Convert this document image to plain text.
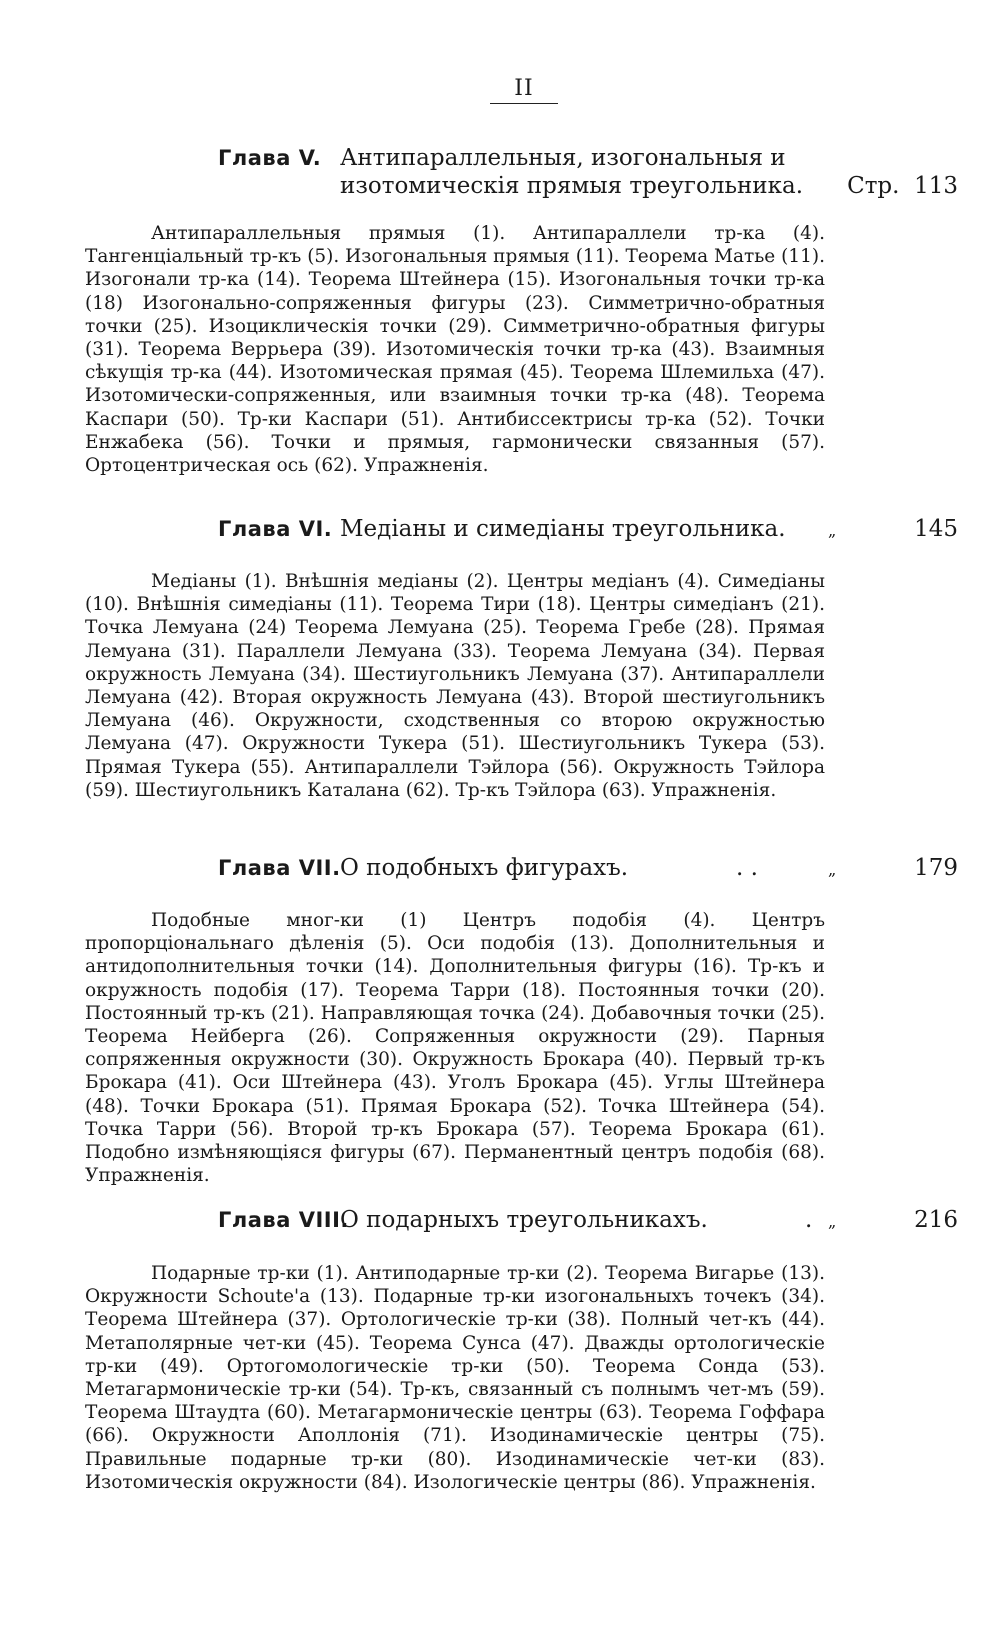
II
Глава V. Антипараллельныя, изогональныя и
изотомическія прямыя треугольника. Стр. 113
Антипараллельныя прямыя (1). Антипараллели тр-ка (4). Тангенціальный тр-къ (5). Изогональныя прямыя (11). Теорема Матье (11). Изогонали тр-ка (14). Теорема Штейнера (15). Изогональныя точки тр-ка (18) Изогонально-сопряженныя фигуры (23). Симметрично-обратныя точки (25). Изоциклическія точки (29). Симметрично-обратныя фигуры (31). Теорема Веррьера (39). Изотомическія точки тр-ка (43). Взаимныя сѣкущія тр-ка (44). Изотомическая прямая (45). Теорема Шлемильха (47). Изотомически-сопряженныя, или взаимныя точки тр-ка (48). Теорема Каспари (50). Тр-ки Каспари (51). Антибиссектрисы тр-ка (52). Точки Енжабека (56). Точки и прямыя, гармонически связанныя (57). Ортоцентрическая ось (62). Упражненія.
Глава VI. Медіаны и симедіаны треугольника.	„	145
Медіаны (1). Внѣшнія медіаны (2). Центры медіанъ (4). Симедіаны (10). Внѣшнія симедіаны (11). Теорема Тири (18). Центры симедіанъ (21). Точка Лемуана (24) Теорема Лемуана (25). Теорема Гребе (28). Прямая Лемуана (31). Параллели Лемуана (33). Теорема Лемуана (34). Первая окружность Лемуана (34). Шестиугольникъ Лемуана (37). Антипараллели Лемуана (42). Вторая окружность Лемуана (43). Второй шестиугольникъ Лемуана (46). Окружности, сходственныя со второю окружностью Лемуана (47). Окружности Тукера (51). Шестиугольникъ Тукера (53). Прямая Тукера (55). Антипараллели Тэйлора (56). Окружность Тэйлора (59). Шестиугольникъ Каталана (62). Тр-къ Тэйлора (63). Упражненія.
Глава VII.О подобныхъ фигурахъ.	. .	„	179
Подобные мног-ки (1) Центръ подобія (4). Центръ пропорціональнаго дѣленія (5). Оси подобія (13). Дополнительныя и антидополнительныя точки (14). Дополнительныя фигуры (16). Тр-къ и окружность подобія (17). Теорема Тарри (18). Постоянныя точки (20). Постоянный тр-къ (21). Направляющая точка (24). Добавочныя точки (25). Теорема Нейберга (26). Сопряженныя окружности (29). Парныя сопряженныя окружности (30). Окружность Брокара (40). Первый тр-къ Брокара (41). Оси Штейнера (43). Уголъ Брокара (45). Углы Штейнера (48). Точки Брокара (51). Прямая Брокара (52). Точка Штейнера (54). Точка Тарри (56). Второй тр-къ Брокара (57). Теорема Брокара (61). Подобно измѣняющіяся фигуры (67). Перманентный центръ подобія (68). Упражненія.
Глава VIII.О подарныхъ треугольникахъ.	. „	216
Подарные тр-ки (1). Антиподарные тр-ки (2). Теорема Вигарье (13). Окружности Schoute'a (13). Подарные тр-ки изогональныхъ точекъ (34). Теорема Штейнера (37). Ортологическіе тр-ки (38). Полный чет-къ (44). Метаполярные чет-ки (45). Теорема Сунса (47). Дважды ортологическіе тр-ки (49). Ортогомологическіе тр-ки (50). Теорема Сонда (53). Метагармоническіе тр-ки (54). Тр-къ, связанный съ полнымъ чет-мъ (59). Теорема Штаудта (60). Метагармоническіе центры (63). Теорема Гоффара (66). Окружности Аполлонія (71). Изодинамическіе центры (75). Правильные подарные тр-ки (80). Изодинамическіе чет-ки (83). Изотомическія окружности (84). Изологическіе центры (86). Упражненія.
